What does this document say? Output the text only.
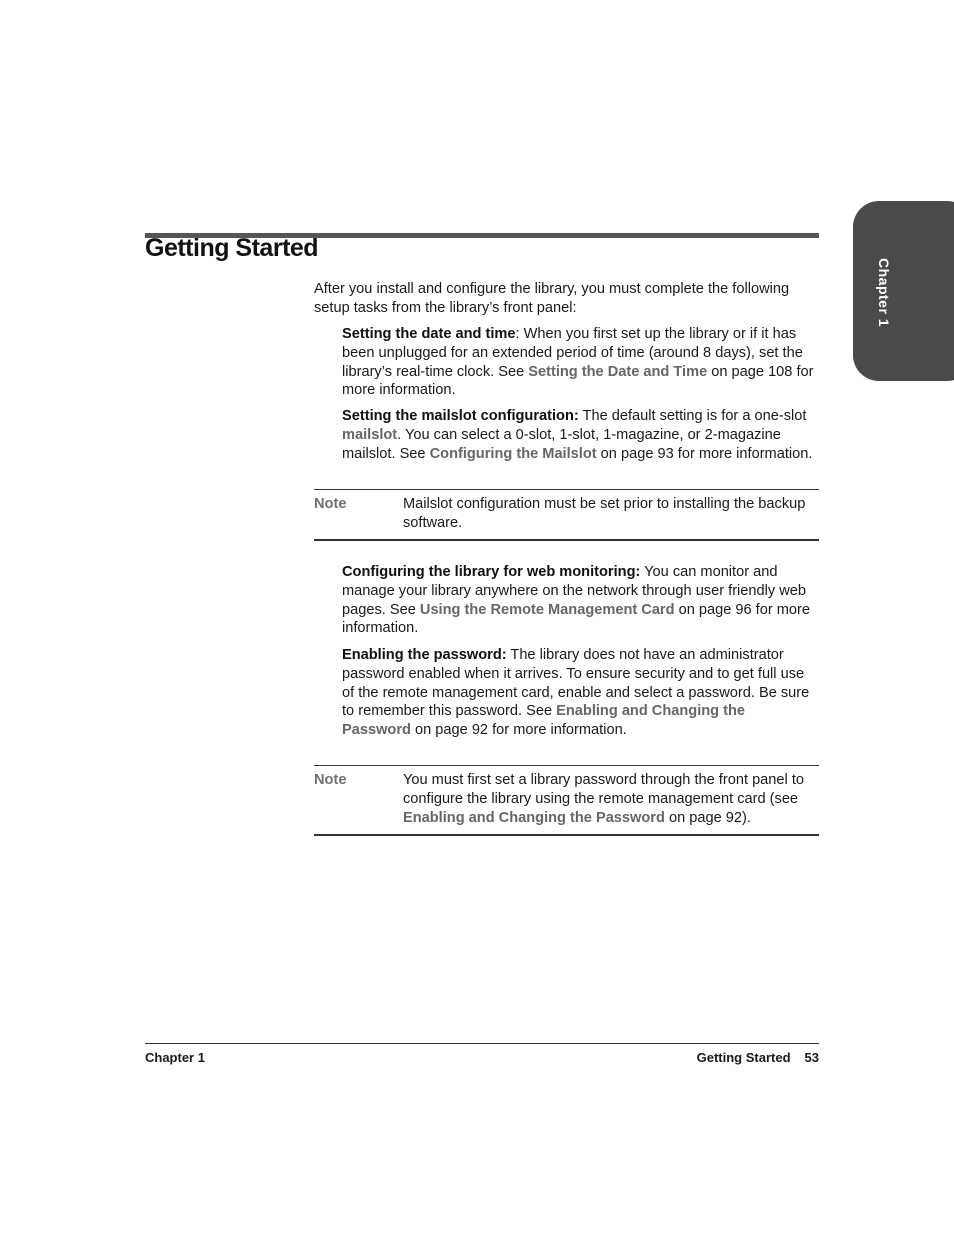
Chapter 1
Getting Started

After you install and configure the library, you must complete the following setup tasks from the library’s front panel:

Setting the date and time: When you first set up the library or if it has been unplugged for an extended period of time (around 8 days), set the library’s real-time clock. See Setting the Date and Time on page 108 for more information.

Setting the mailslot configuration: The default setting is for a one-slot mailslot. You can select a 0-slot, 1-slot, 1-magazine, or 2-magazine mailslot. See Configuring the Mailslot on page 93 for more information.

Note	Mailslot configuration must be set prior to installing the backup software.

Configuring the library for web monitoring: You can monitor and manage your library anywhere on the network through user friendly web pages. See Using the Remote Management Card on page 96 for more information.

Enabling the password: The library does not have an administrator password enabled when it arrives. To ensure security and to get full use of the remote management card, enable and select a password. Be sure to remember this password. See Enabling and Changing the Password on page 92 for more information.

Note	You must first set a library password through the front panel to configure the library using the remote management card (see Enabling and Changing the Password on page 92).

Chapter 1	Getting Started 53
